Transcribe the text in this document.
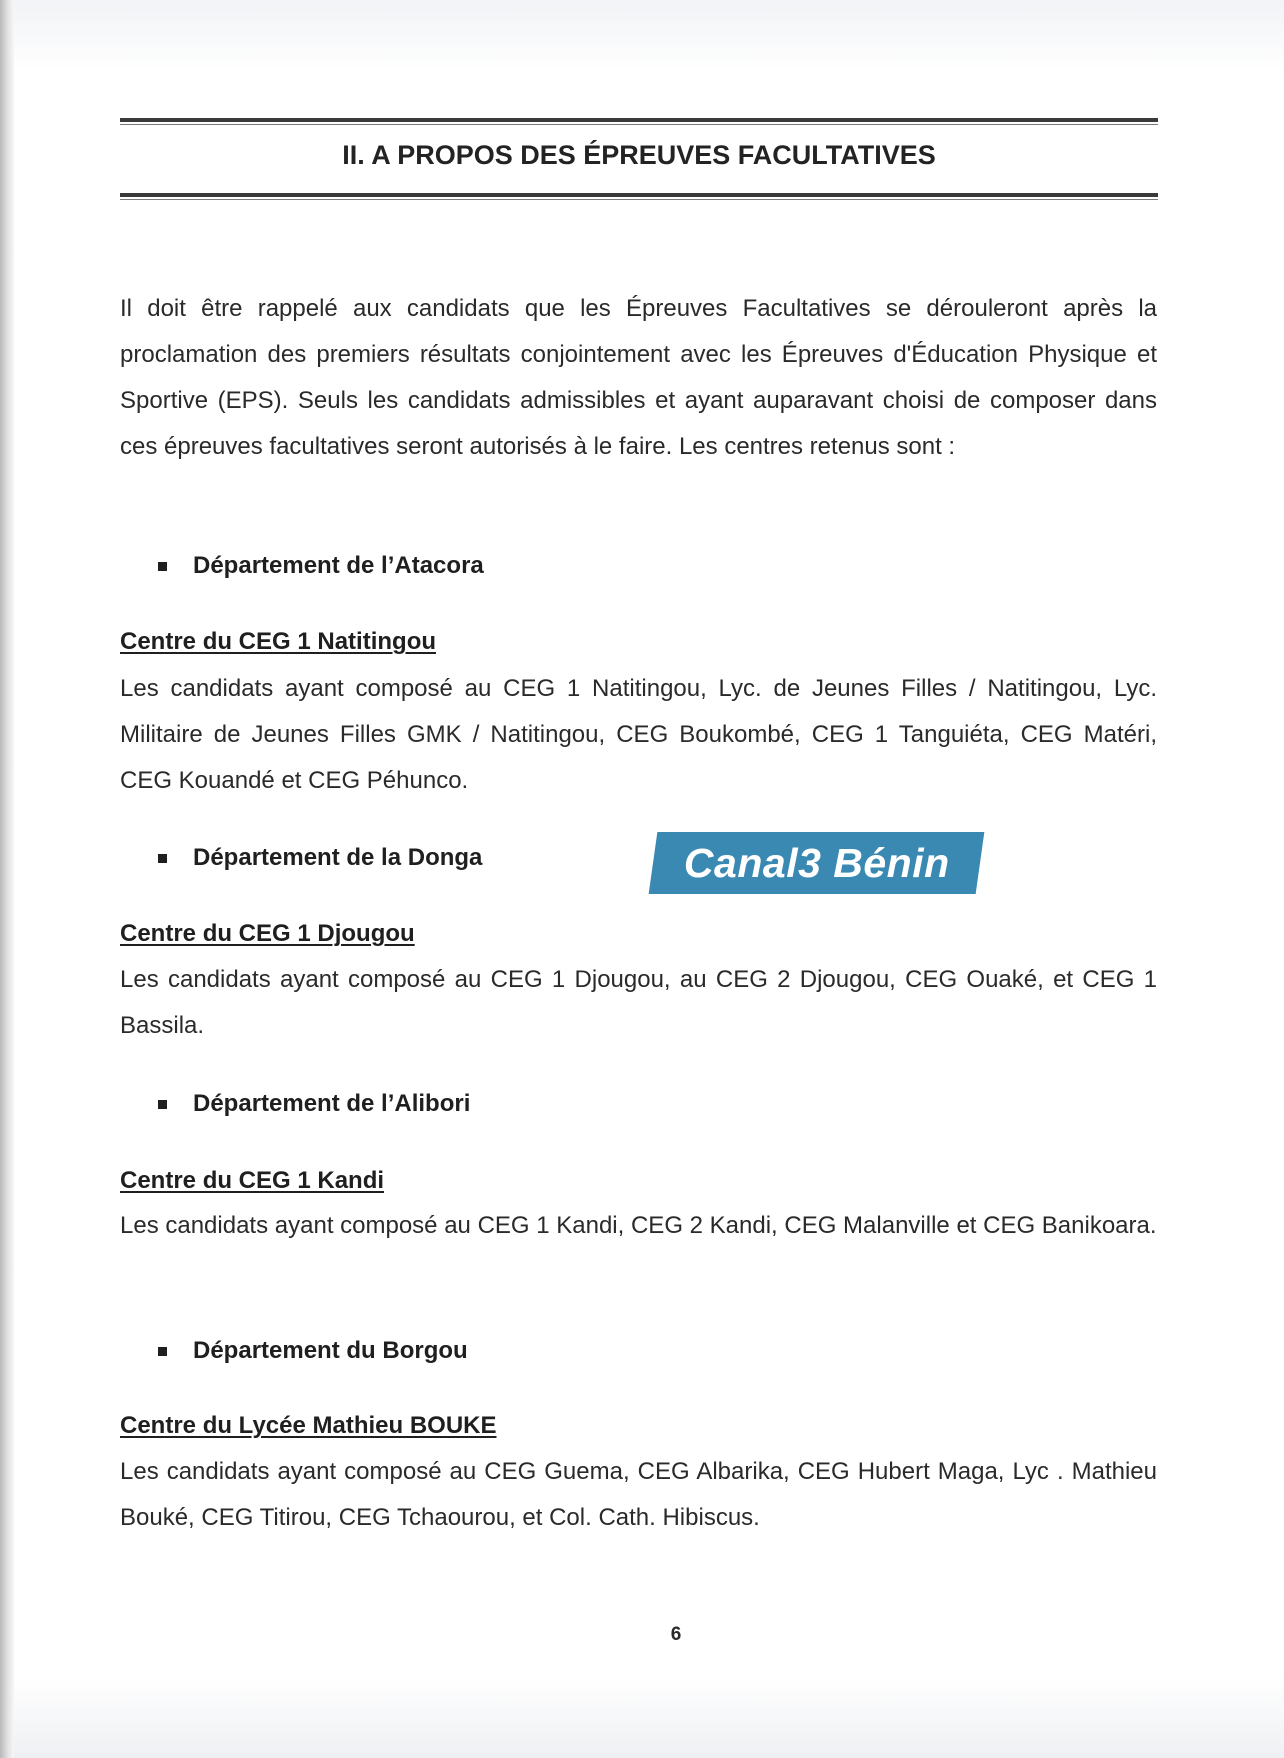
II. A PROPOS DES ÉPREUVES FACULTATIVES
Il doit être rappelé aux candidats que les Épreuves Facultatives se dérouleront après la proclamation des premiers résultats conjointement avec les Épreuves d'Éducation Physique et Sportive (EPS). Seuls les candidats admissibles et ayant auparavant choisi de composer dans ces épreuves facultatives seront autorisés à le faire. Les centres retenus sont :
Département de l’Atacora
Centre du CEG 1 Natitingou
Les candidats ayant composé au CEG 1 Natitingou, Lyc. de Jeunes Filles / Natitingou, Lyc. Militaire de Jeunes Filles GMK / Natitingou, CEG Boukombé, CEG 1 Tanguiéta, CEG Matéri, CEG Kouandé et CEG Péhunco.
Département de la Donga
Centre du CEG 1 Djougou
Les candidats ayant composé au CEG 1 Djougou, au CEG 2 Djougou, CEG Ouaké, et CEG 1 Bassila.
Département de l’Alibori
Centre du CEG 1 Kandi
Les candidats ayant composé au CEG 1 Kandi, CEG 2 Kandi, CEG Malanville et CEG Banikoara.
Département du Borgou
Centre du Lycée Mathieu BOUKE
Les candidats ayant composé au CEG Guema, CEG Albarika, CEG Hubert Maga, Lyc . Mathieu Bouké, CEG Titirou, CEG Tchaourou, et Col. Cath. Hibiscus.
Canal3 Bénin
6
